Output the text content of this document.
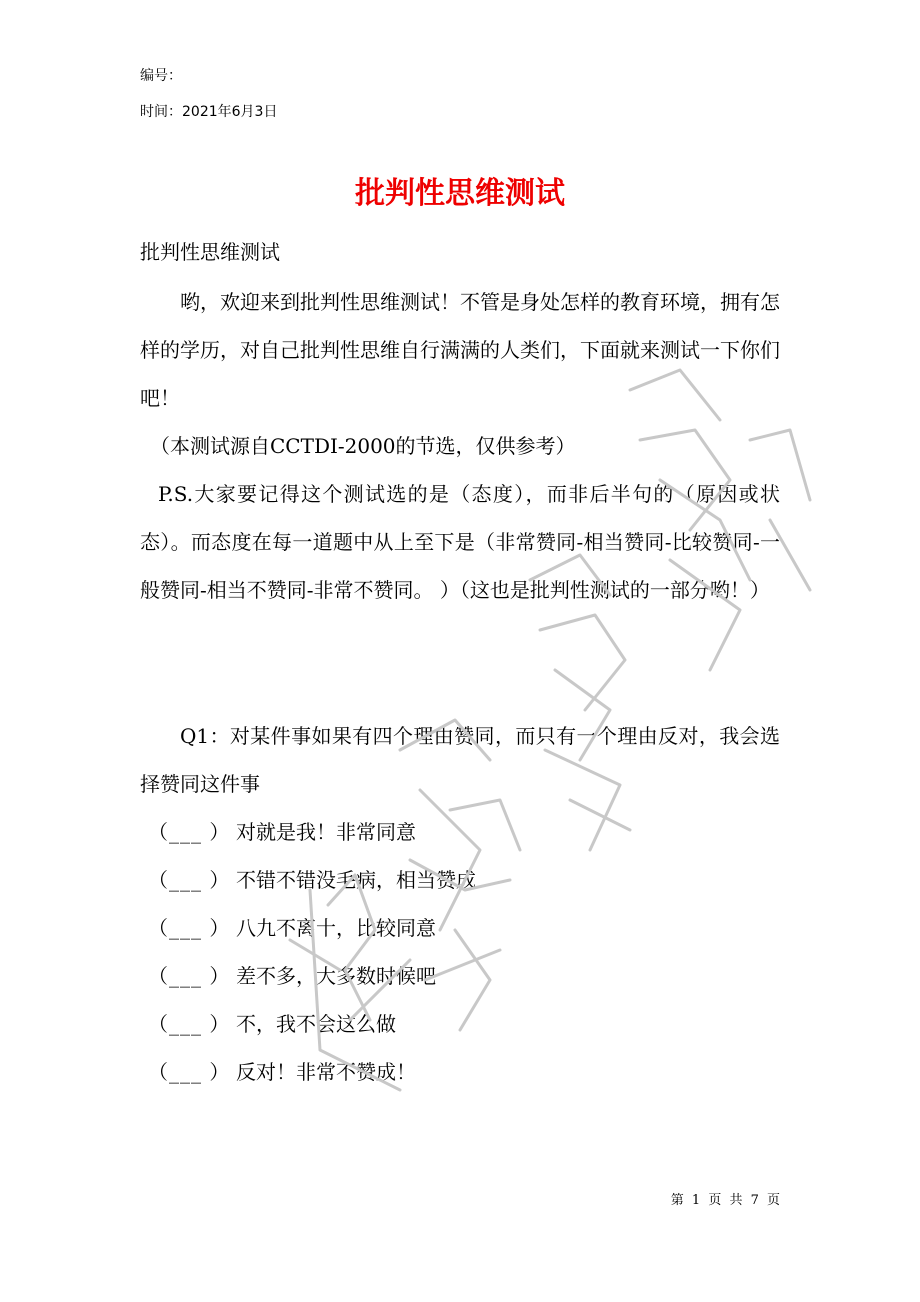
编号：
时间：2021年6月3日
批判性思维测试

批判性思维测试

哟，欢迎来到批判性思维测试！不管是身处怎样的教育环境，拥有怎样的学历，对自己批判性思维自行满满的人类们，下面就来测试一下你们吧！

（本测试源自CCTDI-2000的节选，仅供参考）

P.S.大家要记得这个测试选的是（态度），而非后半句的（原因或状态）。而态度在每一道题中从上至下是（非常赞同-相当赞同-比较赞同-一般赞同-相当不赞同-非常不赞同。 ）（这也是批判性测试的一部分哟！）

Q1：对某件事如果有四个理由赞同，而只有一个理由反对，我会选择赞同这件事

（___ ） 对就是我！非常同意
（___ ） 不错不错没毛病，相当赞成
（___ ） 八九不离十，比较同意
（___ ） 差不多，大多数时候吧
（___ ） 不，我不会这么做
（___ ） 反对！非常不赞成！
第 1 页 共 7 页
